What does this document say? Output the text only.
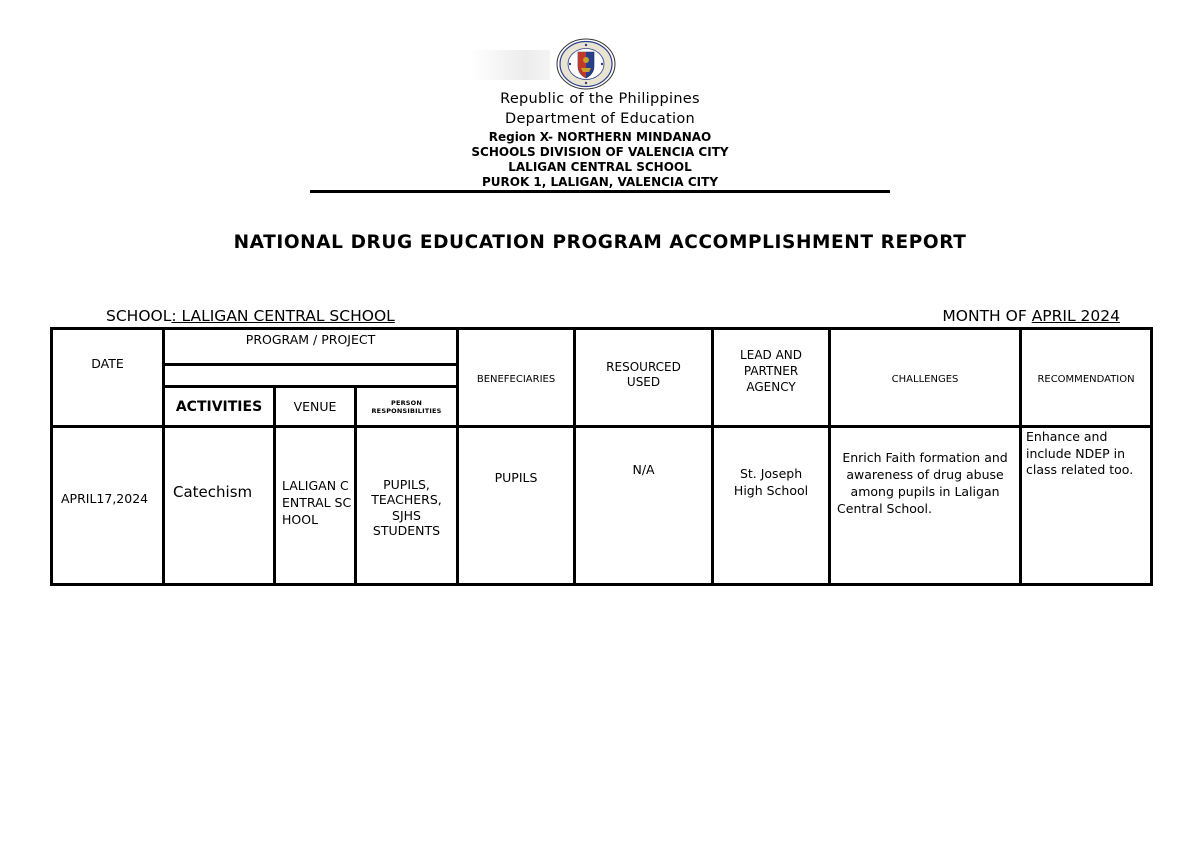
Republic of the Philippines
Department of Education
Region X- NORTHERN MINDANAO
SCHOOLS DIVISION OF VALENCIA CITY
LALIGAN CENTRAL SCHOOL
PUROK 1, LALIGAN, VALENCIA CITY
NATIONAL DRUG EDUCATION PROGRAM ACCOMPLISHMENT REPORT
SCHOOL: LALIGAN CENTRAL SCHOOL	MONTH OF APRIL 2024
DATE	PROGRAM / PROJECT			BENEFECIARIES	RESOURCED USED	LEAD AND PARTNER AGENCY	CHALLENGES	RECOMMENDATION

	ACTIVITIES	VENUE	PERSON RESPONSIBILITIES					
APRIL17,2024	Catechism	LALIGAN CENTRAL SCHOOL	PUPILS, TEACHERS, SJHS STUDENTS	PUPILS	N/A	St. Joseph High School	Enrich Faith formation and awareness of drug abuse among pupils in Laligan Central School.	Enhance and include NDEP in class related too.
